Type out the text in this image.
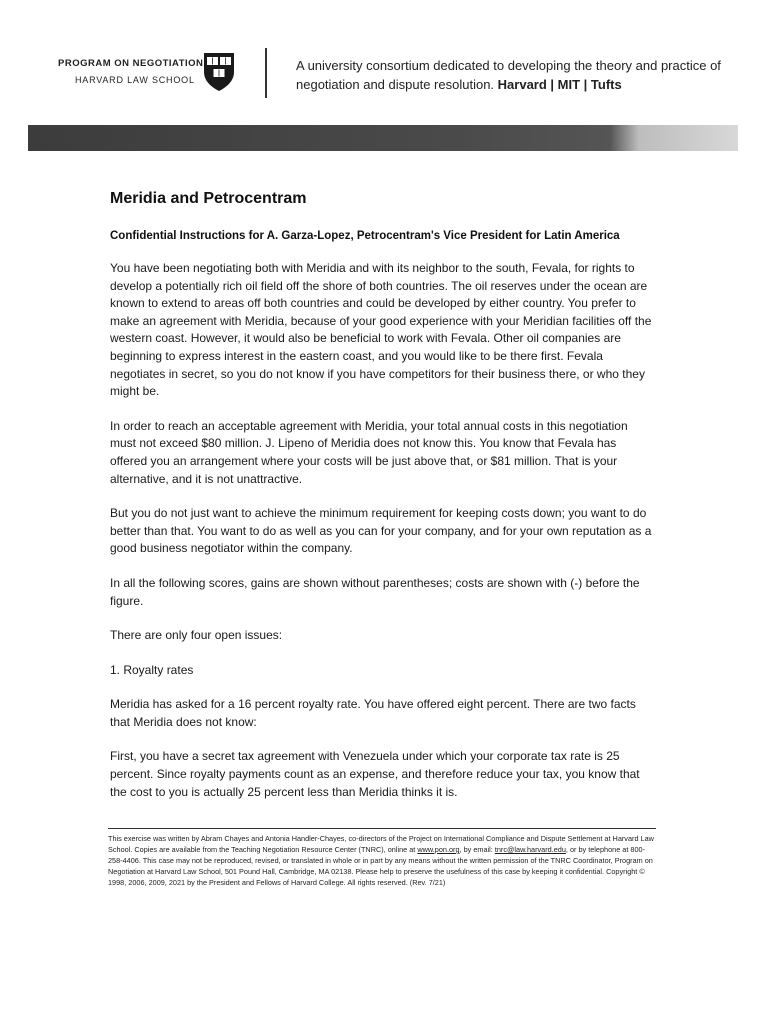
PROGRAM ON NEGOTIATION
HARVARD LAW SCHOOL
A university consortium dedicated to developing the theory and practice of negotiation and dispute resolution. Harvard | MIT | Tufts
Meridia and Petrocentram
Confidential Instructions for A. Garza-Lopez, Petrocentram's Vice President for Latin America

You have been negotiating both with Meridia and with its neighbor to the south, Fevala, for rights to develop a potentially rich oil field off the shore of both countries. The oil reserves under the ocean are known to extend to areas off both countries and could be developed by either country. You prefer to make an agreement with Meridia, because of your good experience with your Meridian facilities off the western coast. However, it would also be beneficial to work with Fevala. Other oil companies are beginning to express interest in the eastern coast, and you would like to be there first. Fevala negotiates in secret, so you do not know if you have competitors for their business there, or who they might be.

In order to reach an acceptable agreement with Meridia, your total annual costs in this negotiation must not exceed $80 million. J. Lipeno of Meridia does not know this. You know that Fevala has offered you an arrangement where your costs will be just above that, or $81 million. That is your alternative, and it is not unattractive.

But you do not just want to achieve the minimum requirement for keeping costs down; you want to do better than that. You want to do as well as you can for your company, and for your own reputation as a good business negotiator within the company.

In all the following scores, gains are shown without parentheses; costs are shown with (-) before the figure.

There are only four open issues:

1. Royalty rates

Meridia has asked for a 16 percent royalty rate. You have offered eight percent. There are two facts that Meridia does not know:

First, you have a secret tax agreement with Venezuela under which your corporate tax rate is 25 percent. Since royalty payments count as an expense, and therefore reduce your tax, you know that the cost to you is actually 25 percent less than Meridia thinks it is.

This exercise was written by Abram Chayes and Antonia Handler-Chayes, co-directors of the Project on International Compliance and Dispute Settlement at Harvard Law School. Copies are available from the Teaching Negotiation Resource Center (TNRC), online at www.pon.org, by email: tnrc@law.harvard.edu, or by telephone at 800-258-4406. This case may not be reproduced, revised, or translated in whole or in part by any means without the written permission of the TNRC Coordinator, Program on Negotiation at Harvard Law School, 501 Pound Hall, Cambridge, MA 02138. Please help to preserve the usefulness of this case by keeping it confidential. Copyright © 1998, 2006, 2009, 2021 by the President and Fellows of Harvard College. All rights reserved. (Rev. 7/21)
